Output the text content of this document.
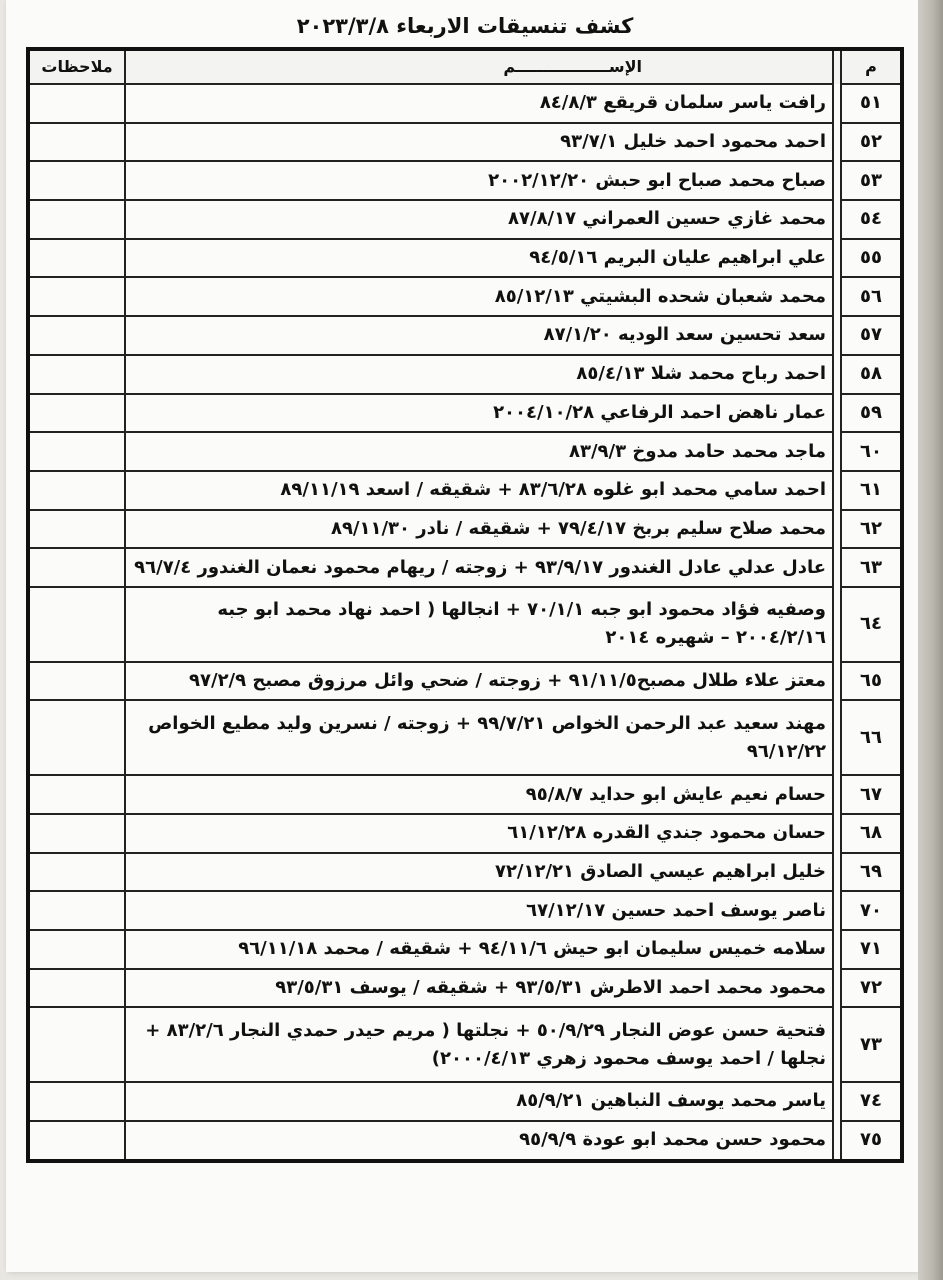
كشف تنسيقات الاربعاء ٢٠٢٣/٣/٨
م		الإســـــــــــــــــم	ملاحظات
٥١		رافت ياسر سلمان قريقع ٨٤/٨/٣	
٥٢		احمد محمود احمد خليل ٩٣/٧/١	
٥٣		صباح محمد صباح ابو حبش ٢٠٠٢/١٢/٢٠	
٥٤		محمد غازي حسين العمراني ٨٧/٨/١٧	
٥٥		علي ابراهيم عليان البريم ٩٤/٥/١٦	
٥٦		محمد شعبان شحده البشيتي ٨٥/١٢/١٣	
٥٧		سعد تحسين سعد الوديه ٨٧/١/٢٠	
٥٨		احمد رباح محمد شلا ٨٥/٤/١٣	
٥٩		عمار ناهض احمد الرفاعي ٢٠٠٤/١٠/٢٨	
٦٠		ماجد محمد حامد مدوخ ٨٣/٩/٣	
٦١		احمد سامي محمد ابو غلوه ٨٣/٦/٢٨ + شقيقه / اسعد ٨٩/١١/١٩	
٦٢		محمد صلاح سليم بربخ ٧٩/٤/١٧ + شقيقه / نادر ٨٩/١١/٣٠	
٦٣		عادل عدلي عادل الغندور ٩٣/٩/١٧ + زوجته / ريهام محمود نعمان الغندور ٩٦/٧/٤	
٦٤		وصفيه فؤاد محمود ابو جبه ٧٠/١/١ + انجالها ( احمد نهاد محمد ابو جبه ٢٠٠٤/٢/١٦ – شهيره ٢٠١٤	
٦٥		معتز علاء طلال مصبح٩١/١١/٥ + زوجته / ضحي وائل مرزوق مصبح ٩٧/٢/٩	
٦٦		مهند سعيد عبد الرحمن الخواص ٩٩/٧/٢١ + زوجته / نسرين وليد مطيع الخواص ٩٦/١٢/٢٢	
٦٧		حسام نعيم عايش ابو حدايد ٩٥/٨/٧	
٦٨		حسان محمود جندي القدره ٦١/١٢/٢٨	
٦٩		خليل ابراهيم عيسي الصادق ٧٢/١٢/٢١	
٧٠		ناصر يوسف احمد حسين ٦٧/١٢/١٧	
٧١		سلامه خميس سليمان ابو حيش ٩٤/١١/٦ + شقيقه / محمد ٩٦/١١/١٨	
٧٢		محمود محمد احمد الاطرش ٩٣/٥/٣١ + شقيقه / يوسف ٩٣/٥/٣١	
٧٣		فتحية حسن عوض النجار ٥٠/٩/٢٩ + نجلتها ( مريم حيدر حمدي النجار ٨٣/٢/٦ + نجلها / احمد يوسف محمود زهري ٢٠٠٠/٤/١٣)	
٧٤		ياسر محمد يوسف النباهين ٨٥/٩/٢١	
٧٥		محمود حسن محمد ابو عودة ٩٥/٩/٩	
